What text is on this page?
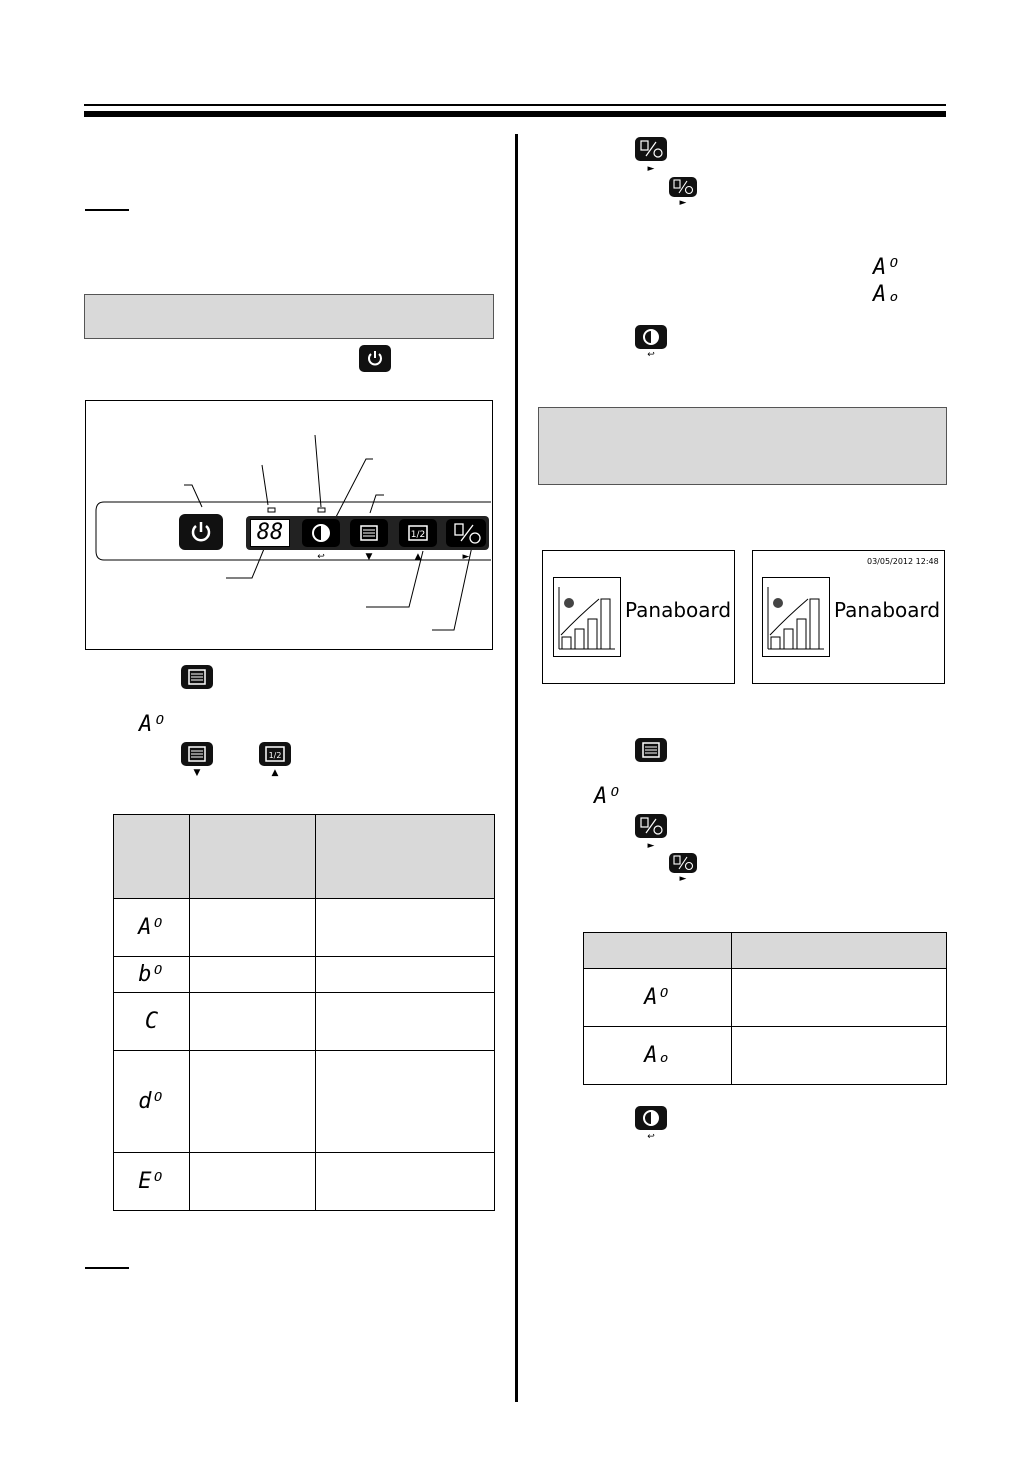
88	1/2
↩	▼	▲	►
Aᴼ
▼
1/2
▲

Aᴼ		
bᴼ		
C		
dᴼ		
Eᴼ		
►
►
Aᴼ
Aₒ
↩
Panaboard
03/05/2012 12:48
Panaboard
Aᴼ
►
►

Aᴼ	
Aₒ	
↩
